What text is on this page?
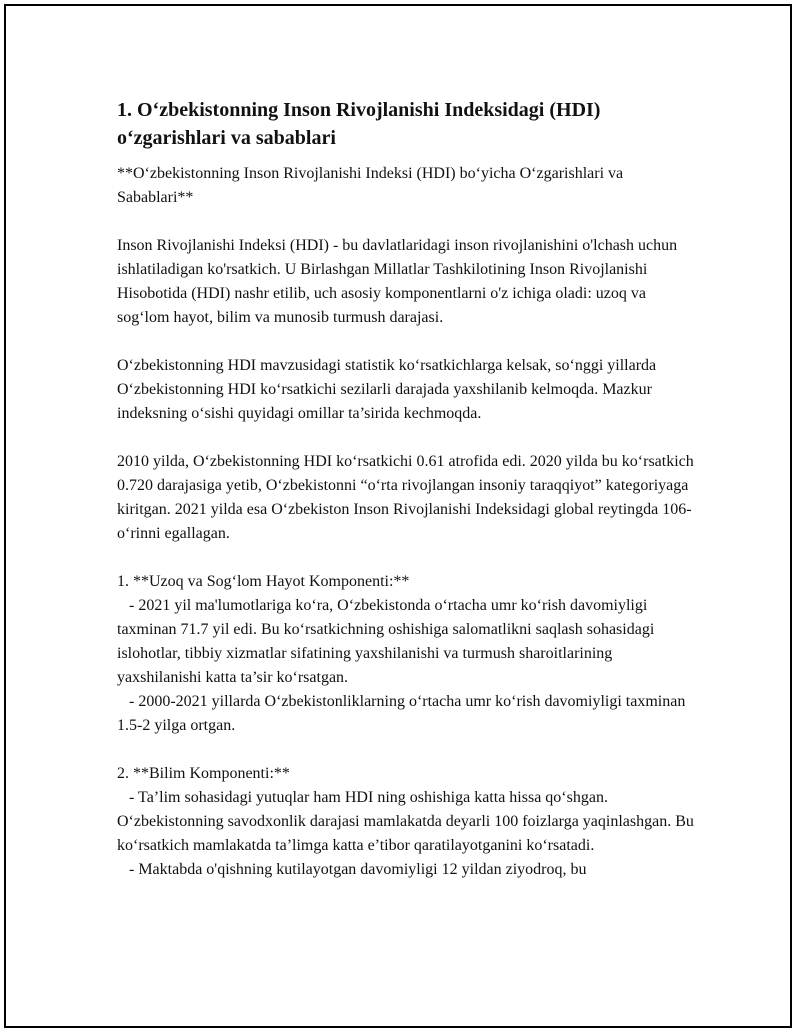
1. O‘zbekistonning Inson Rivojlanishi Indeksidagi (HDI) o‘zgarishlari va sabablari

**O‘zbekistonning Inson Rivojlanishi Indeksi (HDI) bo‘yicha O‘zgarishlari va Sabablari**

Inson Rivojlanishi Indeksi (HDI) - bu davlatlaridagi inson rivojlanishini o'lchash uchun ishlatiladigan ko'rsatkich. U Birlashgan Millatlar Tashkilotining Inson Rivojlanishi Hisobotida (HDI) nashr etilib, uch asosiy komponentlarni o'z ichiga oladi: uzoq va sog‘lom hayot, bilim va munosib turmush darajasi.

O‘zbekistonning HDI mavzusidagi statistik ko‘rsatkichlarga kelsak, so‘nggi yillarda O‘zbekistonning HDI ko‘rsatkichi sezilarli darajada yaxshilanib kelmoqda. Mazkur indeksning o‘sishi quyidagi omillar ta’sirida kechmoqda.

2010 yilda, O‘zbekistonning HDI ko‘rsatkichi 0.61 atrofida edi. 2020 yilda bu ko‘rsatkich 0.720 darajasiga yetib, O‘zbekistonni “o‘rta rivojlangan insoniy taraqqiyot” kategoriyaga kiritgan. 2021 yilda esa O‘zbekiston Inson Rivojlanishi Indeksidagi global reytingda 106-o‘rinni egallagan.

1. **Uzoq va Sog‘lom Hayot Komponenti:**
- 2021 yil ma'lumotlariga ko‘ra, O‘zbekistonda o‘rtacha umr ko‘rish davomiyligi taxminan 71.7 yil edi. Bu ko‘rsatkichning oshishiga salomatlikni saqlash sohasidagi islohotlar, tibbiy xizmatlar sifatining yaxshilanishi va turmush sharoitlarining yaxshilanishi katta ta’sir ko‘rsatgan.
- 2000-2021 yillarda O‘zbekistonliklarning o‘rtacha umr ko‘rish davomiyligi taxminan 1.5-2 yilga ortgan.
2. **Bilim Komponenti:**
- Ta’lim sohasidagi yutuqlar ham HDI ning oshishiga katta hissa qo‘shgan. O‘zbekistonning savodxonlik darajasi mamlakatda deyarli 100 foizlarga yaqinlashgan. Bu ko‘rsatkich mamlakatda ta’limga katta e’tibor qaratilayotganini ko‘rsatadi.
- Maktabda o'qishning kutilayotgan davomiyligi 12 yildan ziyodroq, bu
